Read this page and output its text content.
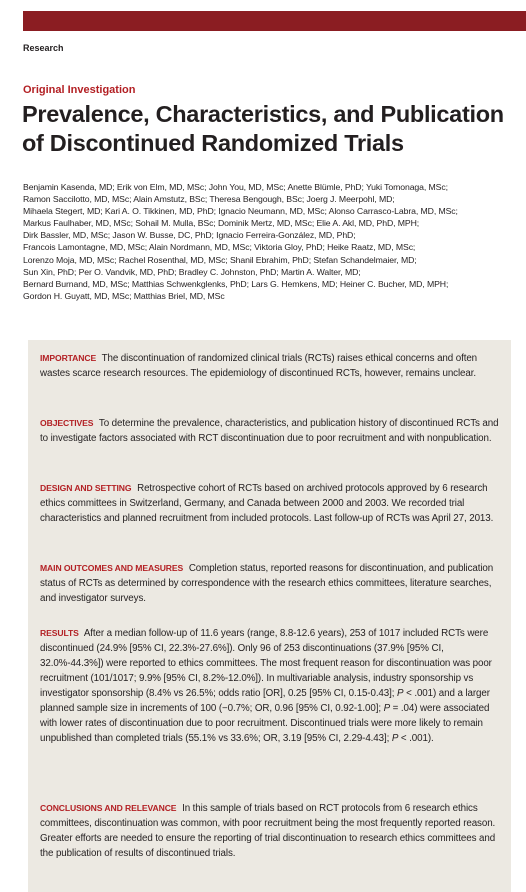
Research
Original Investigation
Prevalence, Characteristics, and Publication of Discontinued Randomized Trials
Benjamin Kasenda, MD; Erik von Elm, MD, MSc; John You, MD, MSc; Anette Blümle, PhD; Yuki Tomonaga, MSc;
Ramon Saccilotto, MD, MSc; Alain Amstutz, BSc; Theresa Bengough, BSc; Joerg J. Meerpohl, MD;
Mihaela Stegert, MD; Kari A. O. Tikkinen, MD, PhD; Ignacio Neumann, MD, MSc; Alonso Carrasco-Labra, MD, MSc;
Markus Faulhaber, MD, MSc; Sohail M. Mulla, BSc; Dominik Mertz, MD, MSc; Elie A. Akl, MD, PhD, MPH;
Dirk Bassler, MD, MSc; Jason W. Busse, DC, PhD; Ignacio Ferreira-González, MD, PhD;
Francois Lamontagne, MD, MSc; Alain Nordmann, MD, MSc; Viktoria Gloy, PhD; Heike Raatz, MD, MSc;
Lorenzo Moja, MD, MSc; Rachel Rosenthal, MD, MSc; Shanil Ebrahim, PhD; Stefan Schandelmaier, MD;
Sun Xin, PhD; Per O. Vandvik, MD, PhD; Bradley C. Johnston, PhD; Martin A. Walter, MD;
Bernard Burnand, MD, MSc; Matthias Schwenkglenks, PhD; Lars G. Hemkens, MD; Heiner C. Bucher, MD, MPH;
Gordon H. Guyatt, MD, MSc; Matthias Briel, MD, MSc
IMPORTANCE The discontinuation of randomized clinical trials (RCTs) raises ethical concerns and often wastes scarce research resources. The epidemiology of discontinued RCTs, however, remains unclear.
OBJECTIVES To determine the prevalence, characteristics, and publication history of discontinued RCTs and to investigate factors associated with RCT discontinuation due to poor recruitment and with nonpublication.
DESIGN AND SETTING Retrospective cohort of RCTs based on archived protocols approved by 6 research ethics committees in Switzerland, Germany, and Canada between 2000 and 2003. We recorded trial characteristics and planned recruitment from included protocols. Last follow-up of RCTs was April 27, 2013.
MAIN OUTCOMES AND MEASURES Completion status, reported reasons for discontinuation, and publication status of RCTs as determined by correspondence with the research ethics committees, literature searches, and investigator surveys.
RESULTS After a median follow-up of 11.6 years (range, 8.8-12.6 years), 253 of 1017 included RCTs were discontinued (24.9% [95% CI, 22.3%-27.6%]). Only 96 of 253 discontinuations (37.9% [95% CI, 32.0%-44.3%]) were reported to ethics committees. The most frequent reason for discontinuation was poor recruitment (101/1017; 9.9% [95% CI, 8.2%-12.0%]). In multivariable analysis, industry sponsorship vs investigator sponsorship (8.4% vs 26.5%; odds ratio [OR], 0.25 [95% CI, 0.15-0.43]; P < .001) and a larger planned sample size in increments of 100 (−0.7%; OR, 0.96 [95% CI, 0.92-1.00]; P = .04) were associated with lower rates of discontinuation due to poor recruitment. Discontinued trials were more likely to remain unpublished than completed trials (55.1% vs 33.6%; OR, 3.19 [95% CI, 2.29-4.43]; P < .001).
CONCLUSIONS AND RELEVANCE In this sample of trials based on RCT protocols from 6 research ethics committees, discontinuation was common, with poor recruitment being the most frequently reported reason. Greater efforts are needed to ensure the reporting of trial discontinuation to research ethics committees and the publication of results of discontinued trials.
